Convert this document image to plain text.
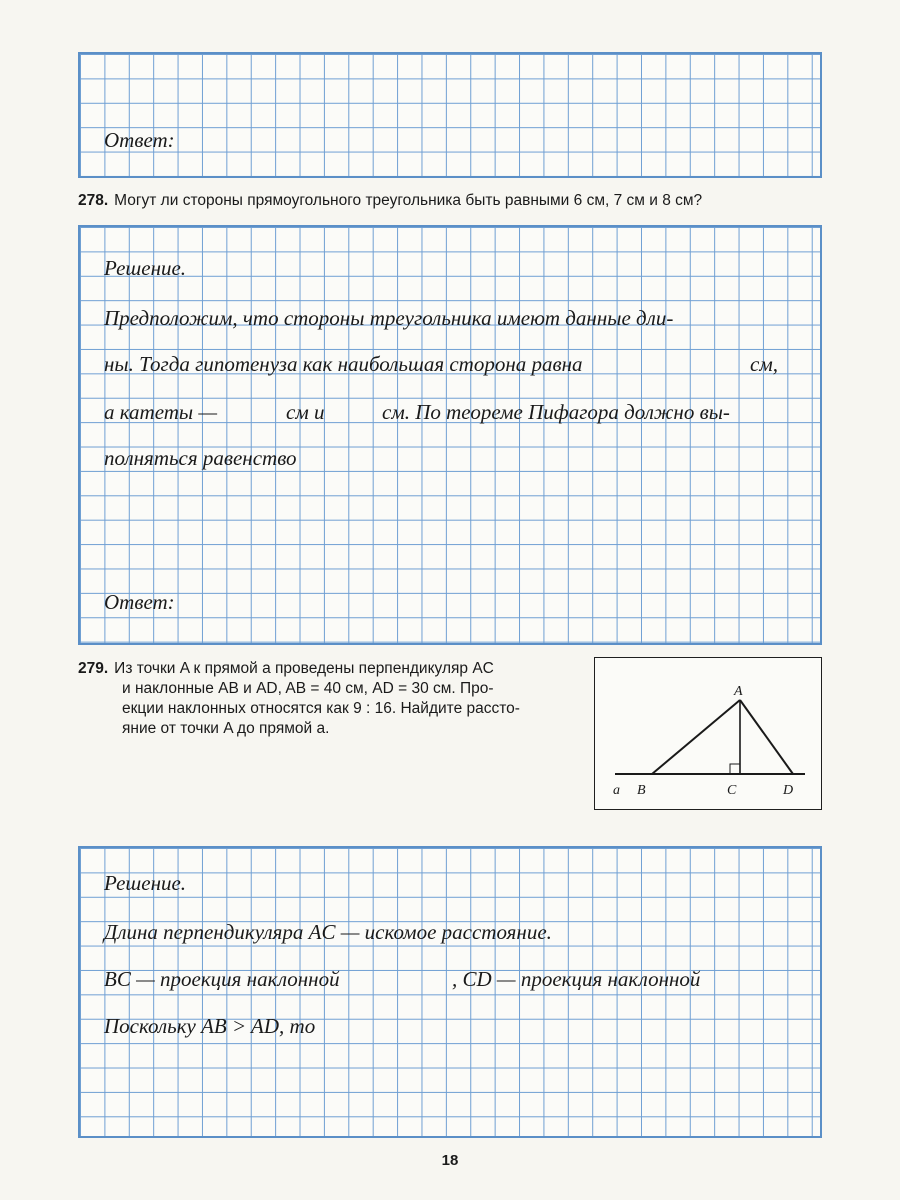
Ответ:
278. Могут ли стороны прямоугольного треугольника быть равными 6 см, 7 см и 8 см?
Решение.
Предположим, что стороны треугольника имеют данные дли-
ны. Тогда гипотенуза как наибольшая сторона равна	см,
а катеты —	см и	см. По теореме Пифагора должно вы-
полняться равенство
Ответ:
279. Из точки A к прямой a проведены перпендикуляр AC
и наклонные AB и AD, AB = 40 см, AD = 30 см. Про-
екции наклонных относятся как 9 : 16. Найдите рассто-
яние от точки A до прямой a.
A
a B	C	D
Решение.
Длина перпендикуляра AC — искомое расстояние.
BC — проекция наклонной	, CD — проекция наклонной
Поскольку AB > AD, то
18
